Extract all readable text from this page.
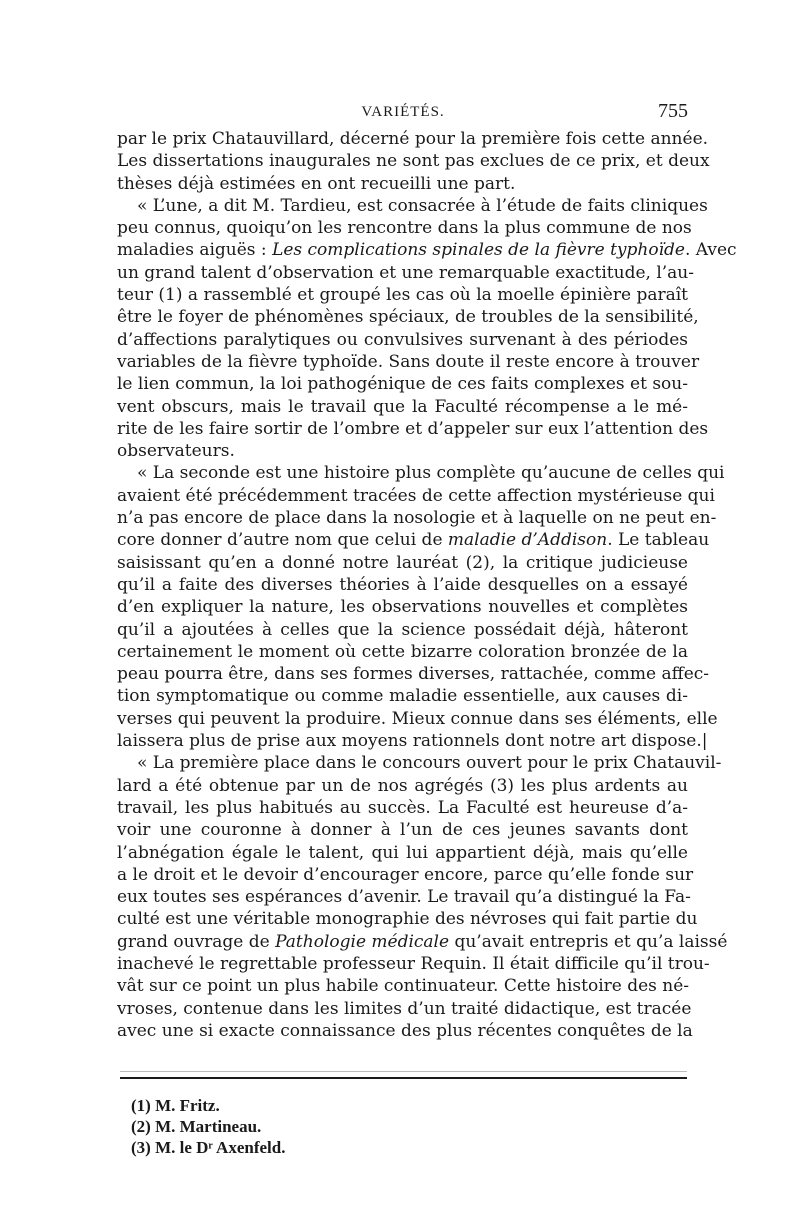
VARIÉTÉS.	755
par le prix Chatauvillard, décerné pour la première fois cette année.
Les dissertations inaugurales ne sont pas exclues de ce prix, et deux
thèses déjà estimées en ont recueilli une part.
« L’une, a dit M. Tardieu, est consacrée à l’étude de faits cliniques
peu connus, quoiqu’on les rencontre dans la plus commune de nos
maladies aiguës : Les complications spinales de la fièvre typhoïde. Avec
un grand talent d’observation et une remarquable exactitude, l’au-
teur (1) a rassemblé et groupé les cas où la moelle épinière paraît
être le foyer de phénomènes spéciaux, de troubles de la sensibilité,
d’affections paralytiques ou convulsives survenant à des périodes
variables de la fièvre typhoïde. Sans doute il reste encore à trouver
le lien commun, la loi pathogénique de ces faits complexes et sou-
vent obscurs, mais le travail que la Faculté récompense a le mé-
rite de les faire sortir de l’ombre et d’appeler sur eux l’attention des
observateurs.
« La seconde est une histoire plus complète qu’aucune de celles qui
avaient été précédemment tracées de cette affection mystérieuse qui
n’a pas encore de place dans la nosologie et à laquelle on ne peut en-
core donner d’autre nom que celui de maladie d’Addison. Le tableau
saisissant qu’en a donné notre lauréat (2), la critique judicieuse
qu’il a faite des diverses théories à l’aide desquelles on a essayé
d’en expliquer la nature, les observations nouvelles et complètes
qu’il a ajoutées à celles que la science possédait déjà, hâteront
certainement le moment où cette bizarre coloration bronzée de la
peau pourra être, dans ses formes diverses, rattachée, comme affec-
tion symptomatique ou comme maladie essentielle, aux causes di-
verses qui peuvent la produire. Mieux connue dans ses éléments, elle
laissera plus de prise aux moyens rationnels dont notre art dispose.|
« La première place dans le concours ouvert pour le prix Chatauvil-
lard a été obtenue par un de nos agrégés (3) les plus ardents au
travail, les plus habitués au succès. La Faculté est heureuse d’a-
voir une couronne à donner à l’un de ces jeunes savants dont
l’abnégation égale le talent, qui lui appartient déjà, mais qu’elle
a le droit et le devoir d’encourager encore, parce qu’elle fonde sur
eux toutes ses espérances d’avenir. Le travail qu’a distingué la Fa-
culté est une véritable monographie des névroses qui fait partie du
grand ouvrage de Pathologie médicale qu’avait entrepris et qu’a laissé
inachevé le regrettable professeur Requin. Il était difficile qu’il trou-
vât sur ce point un plus habile continuateur. Cette histoire des né-
vroses, contenue dans les limites d’un traité didactique, est tracée
avec une si exacte connaissance des plus récentes conquêtes de la
(1) M. Fritz.
(2) M. Martineau.
(3) M. le Dʳ Axenfeld.
